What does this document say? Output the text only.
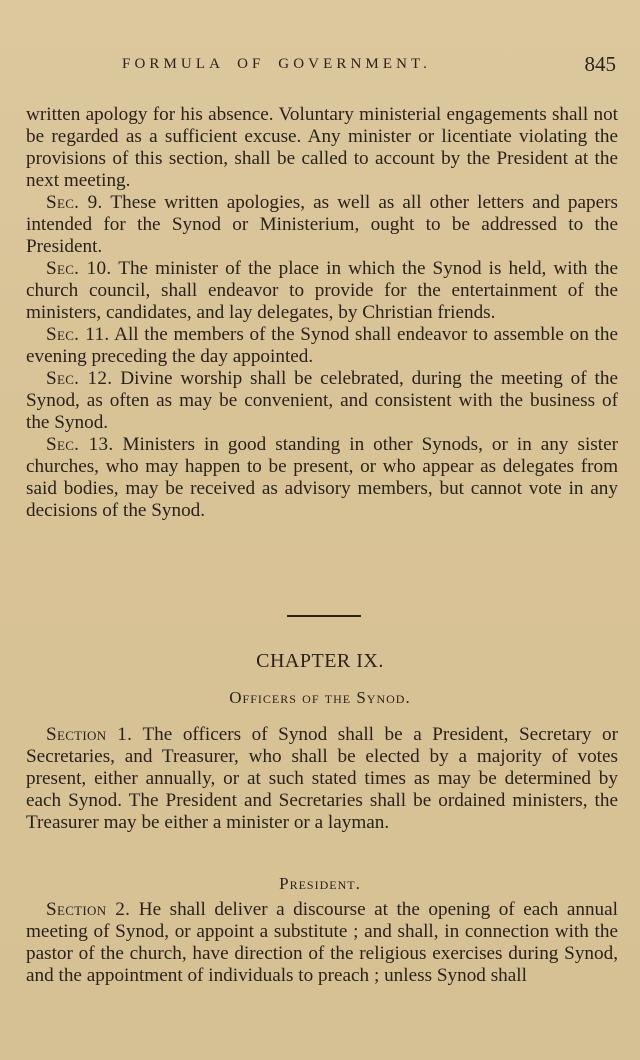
FORMULA OF GOVERNMENT.	845

written apology for his absence. Voluntary ministerial engagements shall not be regarded as a sufficient excuse. Any minister or licentiate violating the provisions of this section, shall be called to account by the President at the next meeting.

Sec. 9. These written apologies, as well as all other letters and papers intended for the Synod or Ministerium, ought to be addressed to the President.

Sec. 10. The minister of the place in which the Synod is held, with the church council, shall endeavor to provide for the entertainment of the ministers, candidates, and lay delegates, by Christian friends.

Sec. 11. All the members of the Synod shall endeavor to assemble on the evening preceding the day appointed.

Sec. 12. Divine worship shall be celebrated, during the meeting of the Synod, as often as may be convenient, and consistent with the business of the Synod.

Sec. 13. Ministers in good standing in other Synods, or in any sister churches, who may happen to be present, or who appear as delegates from said bodies, may be received as advisory members, but cannot vote in any decisions of the Synod.

CHAPTER IX.
Officers of the Synod.

Section 1. The officers of Synod shall be a President, Secretary or Secretaries, and Treasurer, who shall be elected by a majority of votes present, either annually, or at such stated times as may be determined by each Synod. The President and Secretaries shall be ordained ministers, the Treasurer may be either a minister or a layman.

President.

Section 2. He shall deliver a discourse at the opening of each annual meeting of Synod, or appoint a substitute ; and shall, in connection with the pastor of the church, have direction of the religious exercises during Synod, and the appointment of individuals to preach ; unless Synod shall
